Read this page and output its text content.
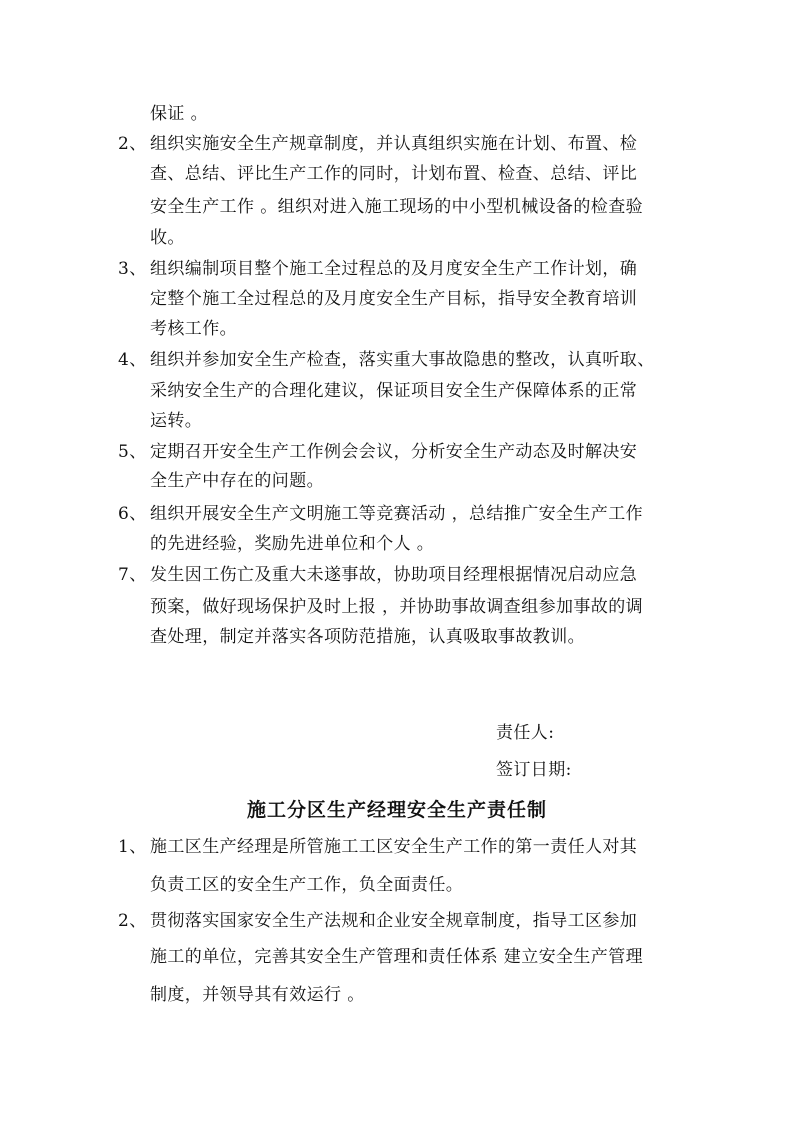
保证 。
2、 组织实施安全生产规章制度，并认真组织实施在计划、布置、检
查、总结、评比生产工作的同时，计划布置、检查、总结、评比
安全生产工作 。组织对进入施工现场的中小型机械设备的检查验
收。
3、 组织编制项目整个施工全过程总的及月度安全生产工作计划，确
定整个施工全过程总的及月度安全生产目标，指导安全教育培训
考核工作。
4、 组织并参加安全生产检查，落实重大事故隐患的整改，认真听取、
采纳安全生产的合理化建议，保证项目安全生产保障体系的正常
运转。
5、 定期召开安全生产工作例会会议，分析安全生产动态及时解决安
全生产中存在的问题。
6、 组织开展安全生产文明施工等竞赛活动 ，总结推广安全生产工作
的先进经验，奖励先进单位和个人 。
7、 发生因工伤亡及重大未遂事故，协助项目经理根据情况启动应急
预案，做好现场保护及时上报 ，并协助事故调查组参加事故的调
查处理，制定并落实各项防范措施，认真吸取事故教训。
责任人:
签订日期:
施工分区生产经理安全生产责任制
1、 施工区生产经理是所管施工工区安全生产工作的第一责任人对其
负责工区的安全生产工作，负全面责任。
2、 贯彻落实国家安全生产法规和企业安全规章制度，指导工区参加
施工的单位，完善其安全生产管理和责任体系 建立安全生产管理
制度，并领导其有效运行 。
